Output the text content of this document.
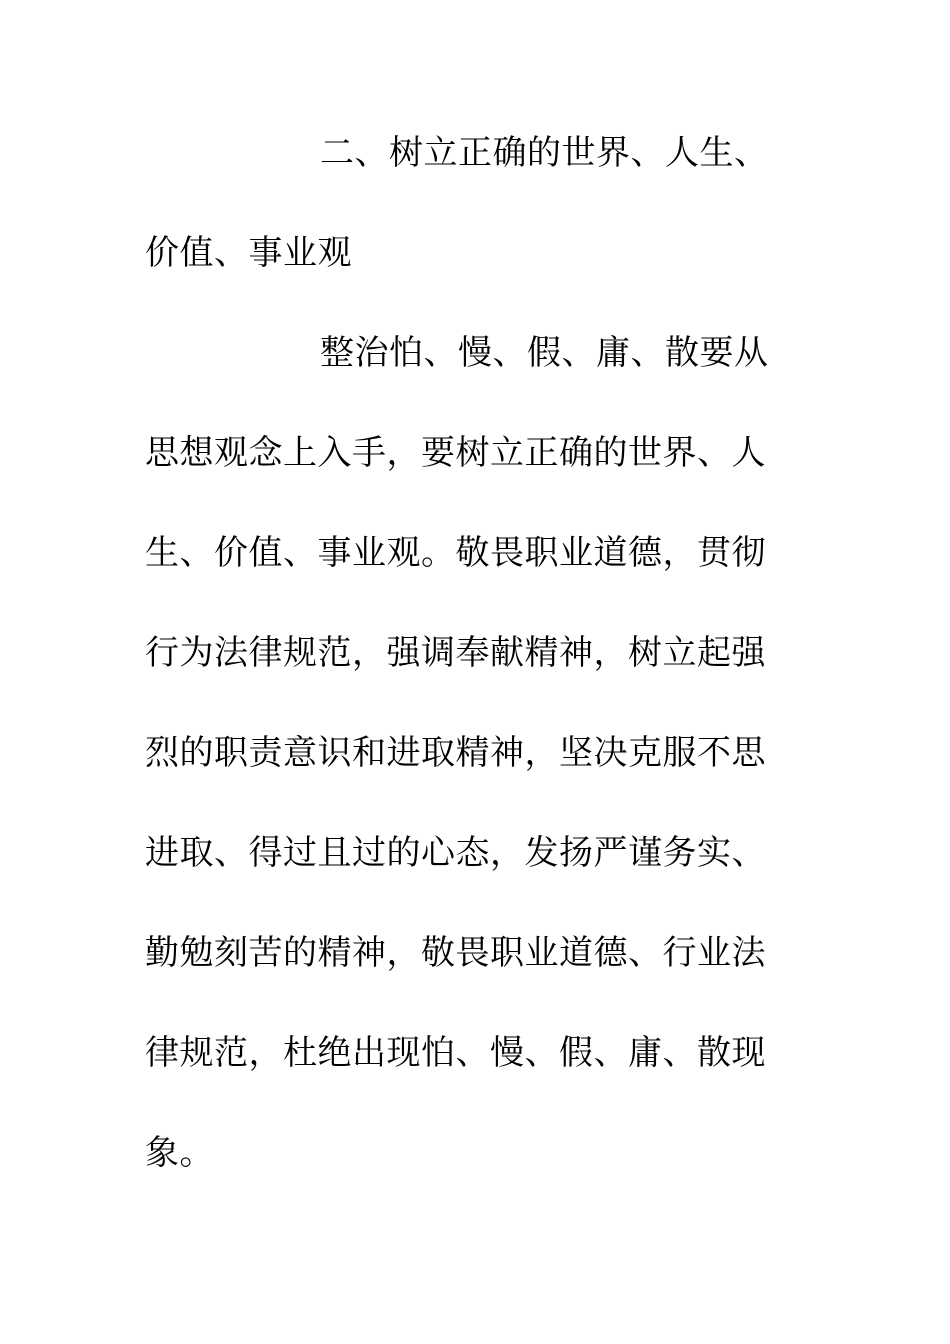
二、树立正确的世界、人生、
价值、事业观
整治怕、慢、假、庸、散要从
思想观念上入手，要树立正确的世界、人
生、价值、事业观。敬畏职业道德，贯彻
行为法律规范，强调奉献精神，树立起强
烈的职责意识和进取精神，坚决克服不思
进取、得过且过的心态，发扬严谨务实、
勤勉刻苦的精神，敬畏职业道德、行业法
律规范，杜绝出现怕、慢、假、庸、散现
象。
